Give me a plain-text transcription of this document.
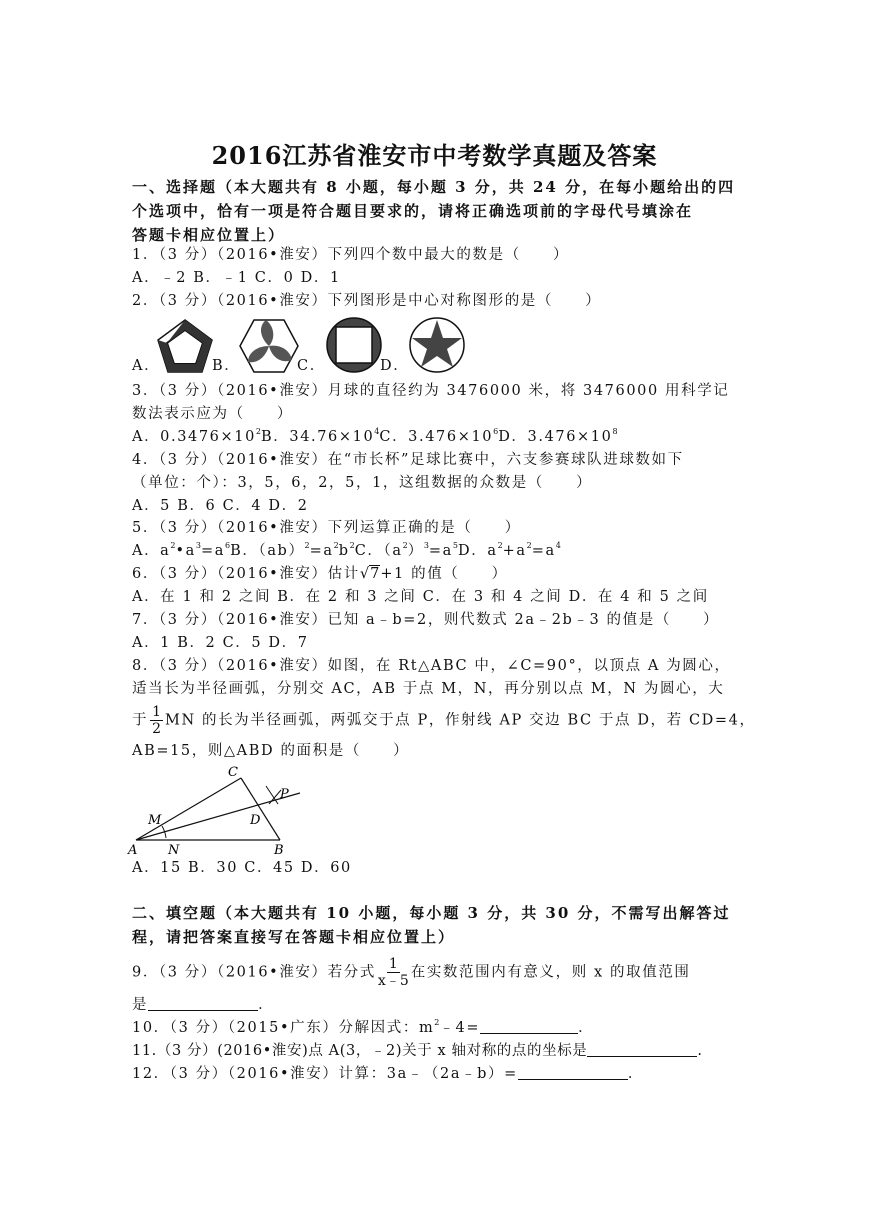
2016江苏省淮安市中考数学真题及答案
一、选择题（本大题共有 8 小题，每小题 3 分，共 24 分，在每小题给出的四
个选项中，恰有一项是符合题目要求的，请将正确选项前的字母代号填涂在
答题卡相应位置上）
1．（3 分）（2016•淮安）下列四个数中最大的数是（　　）
A．﹣2 B．﹣1 C．0 D．1
2．（3 分）（2016•淮安）下列图形是中心对称图形的是（　　）
A．	B．	C．	D．
3．（3 分）（2016•淮安）月球的直径约为 3476000 米，将 3476000 用科学记
数法表示应为（　　）
A．$0.3476\times 10^2B$．$34.76\times 10^4C$．$3.476\times 10^6D$．$3.476\times 10^8$
4．（3 分）（2016•淮安）在“市长杯”足球比赛中，六支参赛球队进球数如下
（单位：个）：3，5，6，2，5，1，这组数据的众数是（　　）
A．5 B．6 C．4 D．2
5．（3 分）（2016•淮安）下列运算正确的是（　　）
A．$a^2•a^3=a^6B$．$(ab)^2=a^2b^2C$．$(a^2)^3=a^5D$．$a^2+a^2=a^4$
6．（3 分）（2016•淮安）估计√7+1 的值（　　）
A．在 1 和 2 之间 B．在 2 和 3 之间 C．在 3 和 4 之间 D．在 4 和 5 之间
7．（3 分）（2016•淮安）已知 a﹣b=2，则代数式 2a﹣2b﹣3 的值是（　　）
A．1 B．2 C．5 D．7
8．（3 分）（2016•淮安）如图，在 Rt△ABC 中，∠C=90°，以顶点 A 为圆心，
适当长为半径画弧，分别交 AC，AB 于点 M，N，再分别以点 M，N 为圆心，大
于 $\frac{1}{2}$ MN 的长为半径画弧，两弧交于点 P，作射线 AP 交边 BC 于点 D，若 CD=4，
AB=15，则△ABD 的面积是（　　）
C
M
N
A	B
D
P
A．15 B．30 C．45 D．60
二、填空题（本大题共有 10 小题，每小题 3 分，共 30 分，不需写出解答过
程，请把答案直接写在答题卡相应位置上）
9．（3 分）（2016•淮安）若分式 $\frac{1}{x﹣5}$ 在实数范围内有意义，则 x 的取值范围
是	．
10．（3 分）（2015•广东）分解因式：$m^2﹣4=$	．
11.（3 分）(2016•淮安)点 A(3，﹣2)关于 x 轴对称的点的坐标是	.
12．（3 分）（2016•淮安）计算：3a﹣（2a﹣b）=	．
